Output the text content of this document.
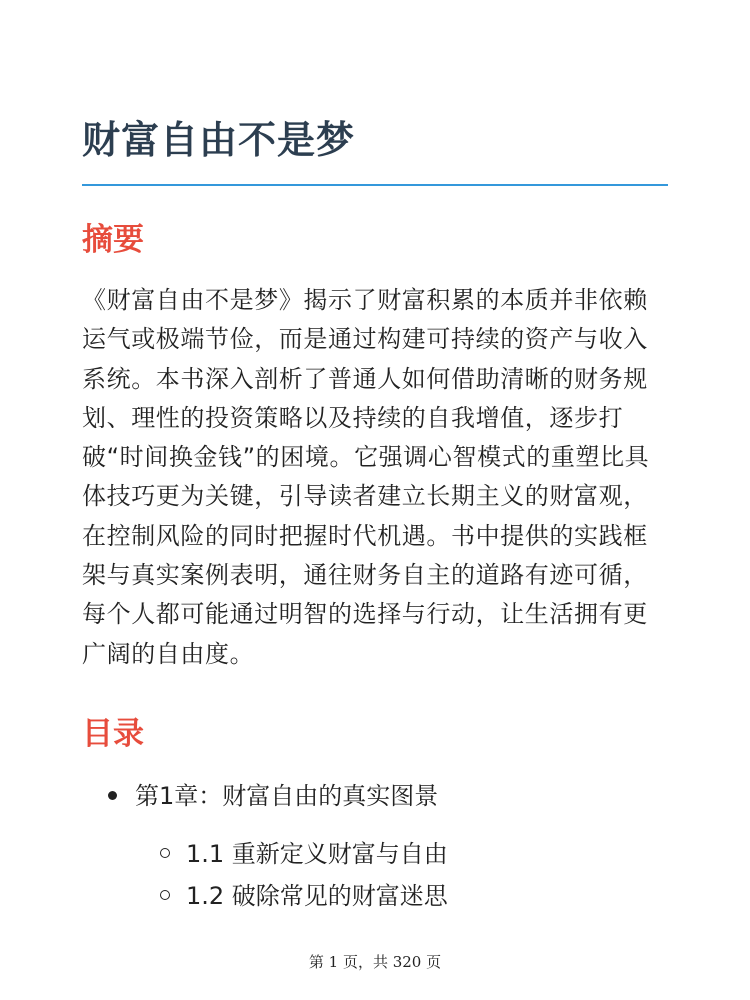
财富自由不是梦
摘要

《财富自由不是梦》揭示了财富积累的本质并非依赖运气或极端节俭，而是通过构建可持续的资产与收入系统。本书深入剖析了普通人如何借助清晰的财务规划、理性的投资策略以及持续的自我增值，逐步打破“时间换金钱”的困境。它强调心智模式的重塑比具体技巧更为关键，引导读者建立长期主义的财富观，在控制风险的同时把握时代机遇。书中提供的实践框架与真实案例表明，通往财务自主的道路有迹可循，每个人都可能通过明智的选择与行动，让生活拥有更广阔的自由度。

目录
第1章：财富自由的真实图景
1.1 重新定义财富与自由
1.2 破除常见的财富迷思
第 1 页，共 320 页
